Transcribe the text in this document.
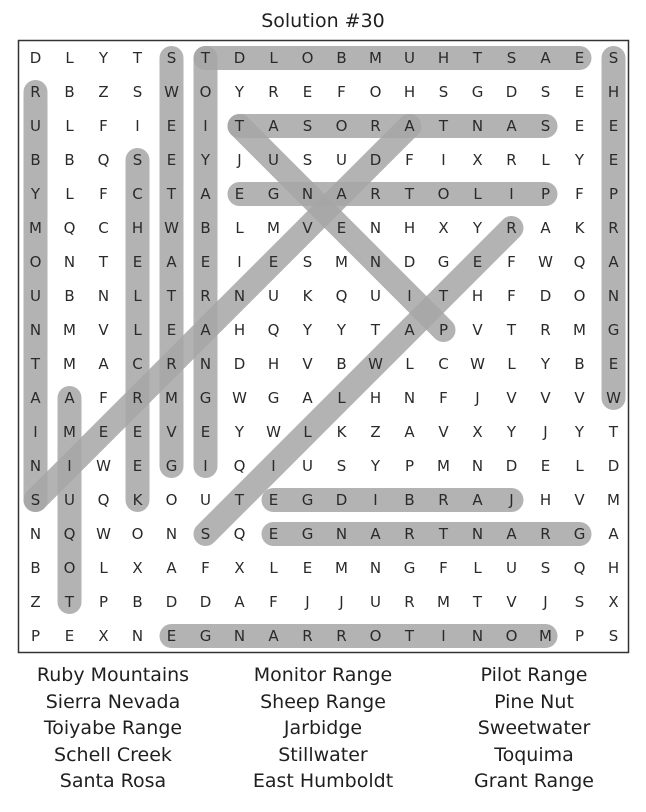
Solution #30
D	L	Y	T	S	T	D	L	O	B	M	U	H	T	S	A	E	S
R	B	Z	S	W	O	Y	R	E	F	O	H	S	G	D	S	E	H
U	L	F	I	E	I	T	A	S	O	R	A	T	N	A	S	E	E
B	B	Q	S	E	Y	J	U	S	U	D	F	I	X	R	L	Y	E
Y	L	F	C	T	A	E	G	N	A	R	T	O	L	I	P	F	P
M	Q	C	H	W	B	L	M	V	E	N	H	X	Y	R	A	K	R
O	N	T	E	A	E	I	E	S	M	N	D	G	E	F	W	Q	A
U	B	N	L	T	R	N	U	K	Q	U	I	T	H	F	D	O	N
N	M	V	L	E	A	H	Q	Y	Y	T	A	P	V	T	R	M	G
T	M	A	C	R	N	D	H	V	B	W	L	C	W	L	Y	B	E
A	A	F	R	M	G	W	G	A	L	H	N	F	J	V	V	V	W
I	M	E	E	V	E	Y	W	L	K	Z	A	V	X	Y	J	Y	T
N	I	W	E	G	I	Q	I	U	S	Y	P	M	N	D	E	L	D
S	U	Q	K	O	U	T	E	G	D	I	B	R	A	J	H	V	M
N	Q	W	O	N	S	Q	E	G	N	A	R	T	N	A	R	G	A
B	O	L	X	A	F	X	L	E	M	N	G	F	L	U	S	Q	H
Z	T	P	B	D	D	A	F	J	J	U	R	M	T	V	J	S	X
P	E	X	N	E	G	N	A	R	R	O	T	I	N	O	M	P	S
Ruby Mountains	Monitor Range	Pilot Range
Sierra Nevada	Sheep Range	Pine Nut
Toiyabe Range	Jarbidge	Sweetwater
Schell Creek	Stillwater	Toquima
Santa Rosa	East Humboldt	Grant Range
